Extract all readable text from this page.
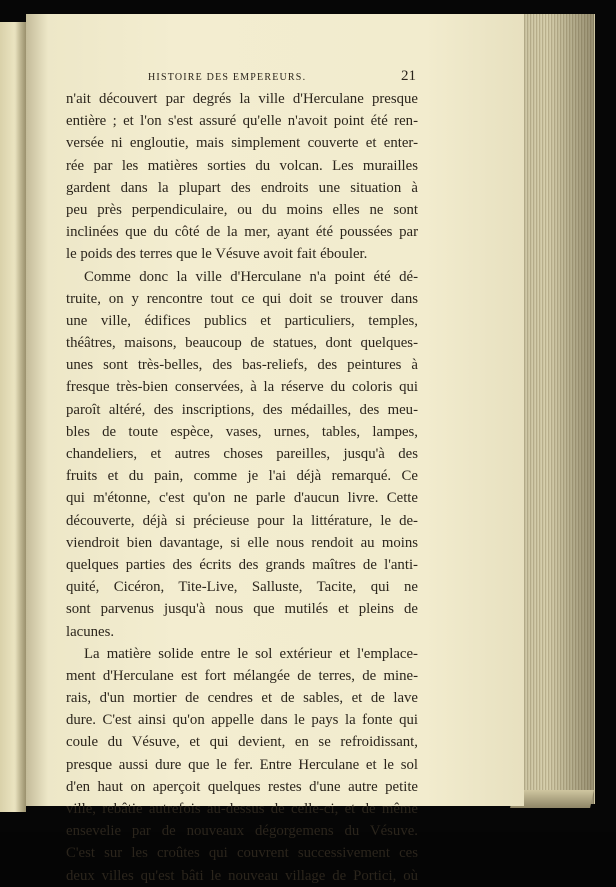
HISTOIRE DES EMPEREURS.	21
n'ait découvert par degrés la ville d'Herculane presque
entière ; et l'on s'est assuré qu'elle n'avoit point été ren-
versée ni engloutie, mais simplement couverte et enter-
rée par les matières sorties du volcan. Les murailles
gardent dans la plupart des endroits une situation à
peu près perpendiculaire, ou du moins elles ne sont
inclinées que du côté de la mer, ayant été poussées par
le poids des terres que le Vésuve avoit fait ébouler.
Comme donc la ville d'Herculane n'a point été dé-
truite, on y rencontre tout ce qui doit se trouver dans
une ville, édifices publics et particuliers, temples,
théâtres, maisons, beaucoup de statues, dont quelques-
unes sont très-belles, des bas-reliefs, des peintures à
fresque très-bien conservées, à la réserve du coloris qui
paroît altéré, des inscriptions, des médailles, des meu-
bles de toute espèce, vases, urnes, tables, lampes,
chandeliers, et autres choses pareilles, jusqu'à des
fruits et du pain, comme je l'ai déjà remarqué. Ce
qui m'étonne, c'est qu'on ne parle d'aucun livre. Cette
découverte, déjà si précieuse pour la littérature, le de-
viendroit bien davantage, si elle nous rendoit au moins
quelques parties des écrits des grands maîtres de l'anti-
quité, Cicéron, Tite-Live, Salluste, Tacite, qui ne
sont parvenus jusqu'à nous que mutilés et pleins de
lacunes.
La matière solide entre le sol extérieur et l'emplace-
ment d'Herculane est fort mélangée de terres, de mine-
rais, d'un mortier de cendres et de sables, et de lave
dure. C'est ainsi qu'on appelle dans le pays la fonte qui
coule du Vésuve, et qui devient, en se refroidissant,
presque aussi dure que le fer. Entre Herculane et le sol
d'en haut on aperçoit quelques restes d'une autre petite
ville, rebâtie autrefois au-dessus de celle-ci, et de même
ensevelie par de nouveaux dégorgemens du Vésuve.
C'est sur les croûtes qui couvrent successivement ces
deux villes qu'est bâti le nouveau village de Portici, où
